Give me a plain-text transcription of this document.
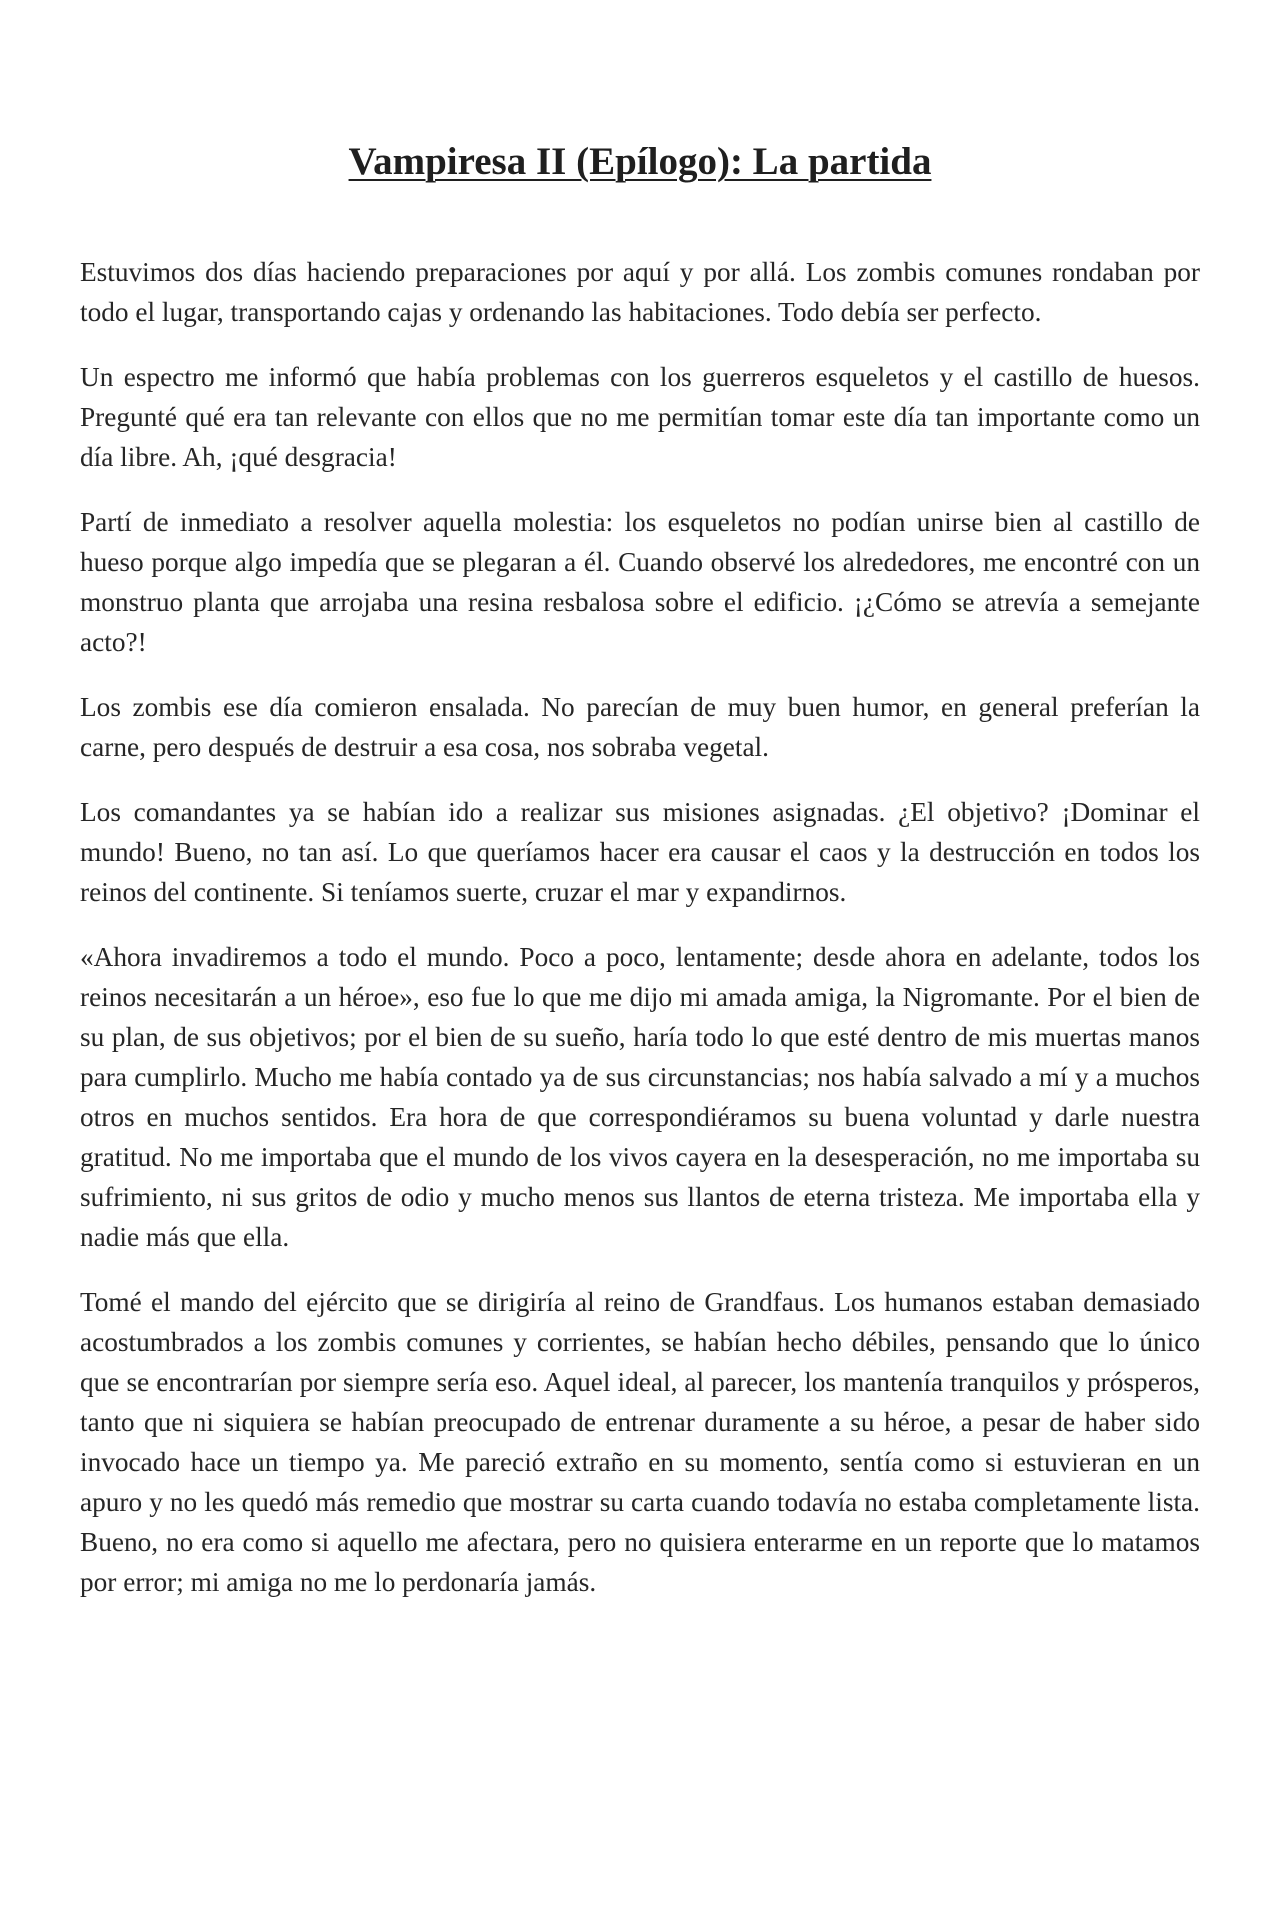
Vampiresa II (Epílogo): La partida

Estuvimos dos días haciendo preparaciones por aquí y por allá. Los zombis comunes rondaban por todo el lugar, transportando cajas y ordenando las habitaciones. Todo debía ser perfecto.

Un espectro me informó que había problemas con los guerreros esqueletos y el castillo de huesos. Pregunté qué era tan relevante con ellos que no me permitían tomar este día tan importante como un día libre. Ah, ¡qué desgracia!

Partí de inmediato a resolver aquella molestia: los esqueletos no podían unirse bien al castillo de hueso porque algo impedía que se plegaran a él. Cuando observé los alrededores, me encontré con un monstruo planta que arrojaba una resina resbalosa sobre el edificio. ¡¿Cómo se atrevía a semejante acto?!

Los zombis ese día comieron ensalada. No parecían de muy buen humor, en general preferían la carne, pero después de destruir a esa cosa, nos sobraba vegetal.

Los comandantes ya se habían ido a realizar sus misiones asignadas. ¿El objetivo? ¡Dominar el mundo! Bueno, no tan así. Lo que queríamos hacer era causar el caos y la destrucción en todos los reinos del continente. Si teníamos suerte, cruzar el mar y expandirnos.

«Ahora invadiremos a todo el mundo. Poco a poco, lentamente; desde ahora en adelante, todos los reinos necesitarán a un héroe», eso fue lo que me dijo mi amada amiga, la Nigromante. Por el bien de su plan, de sus objetivos; por el bien de su sueño, haría todo lo que esté dentro de mis muertas manos para cumplirlo. Mucho me había contado ya de sus circunstancias; nos había salvado a mí y a muchos otros en muchos sentidos. Era hora de que correspondiéramos su buena voluntad y darle nuestra gratitud. No me importaba que el mundo de los vivos cayera en la desesperación, no me importaba su sufrimiento, ni sus gritos de odio y mucho menos sus llantos de eterna tristeza. Me importaba ella y nadie más que ella.

Tomé el mando del ejército que se dirigiría al reino de Grandfaus. Los humanos estaban demasiado acostumbrados a los zombis comunes y corrientes, se habían hecho débiles, pensando que lo único que se encontrarían por siempre sería eso. Aquel ideal, al parecer, los mantenía tranquilos y prósperos, tanto que ni siquiera se habían preocupado de entrenar duramente a su héroe, a pesar de haber sido invocado hace un tiempo ya. Me pareció extraño en su momento, sentía como si estuvieran en un apuro y no les quedó más remedio que mostrar su carta cuando todavía no estaba completamente lista. Bueno, no era como si aquello me afectara, pero no quisiera enterarme en un reporte que lo matamos por error; mi amiga no me lo perdonaría jamás.
